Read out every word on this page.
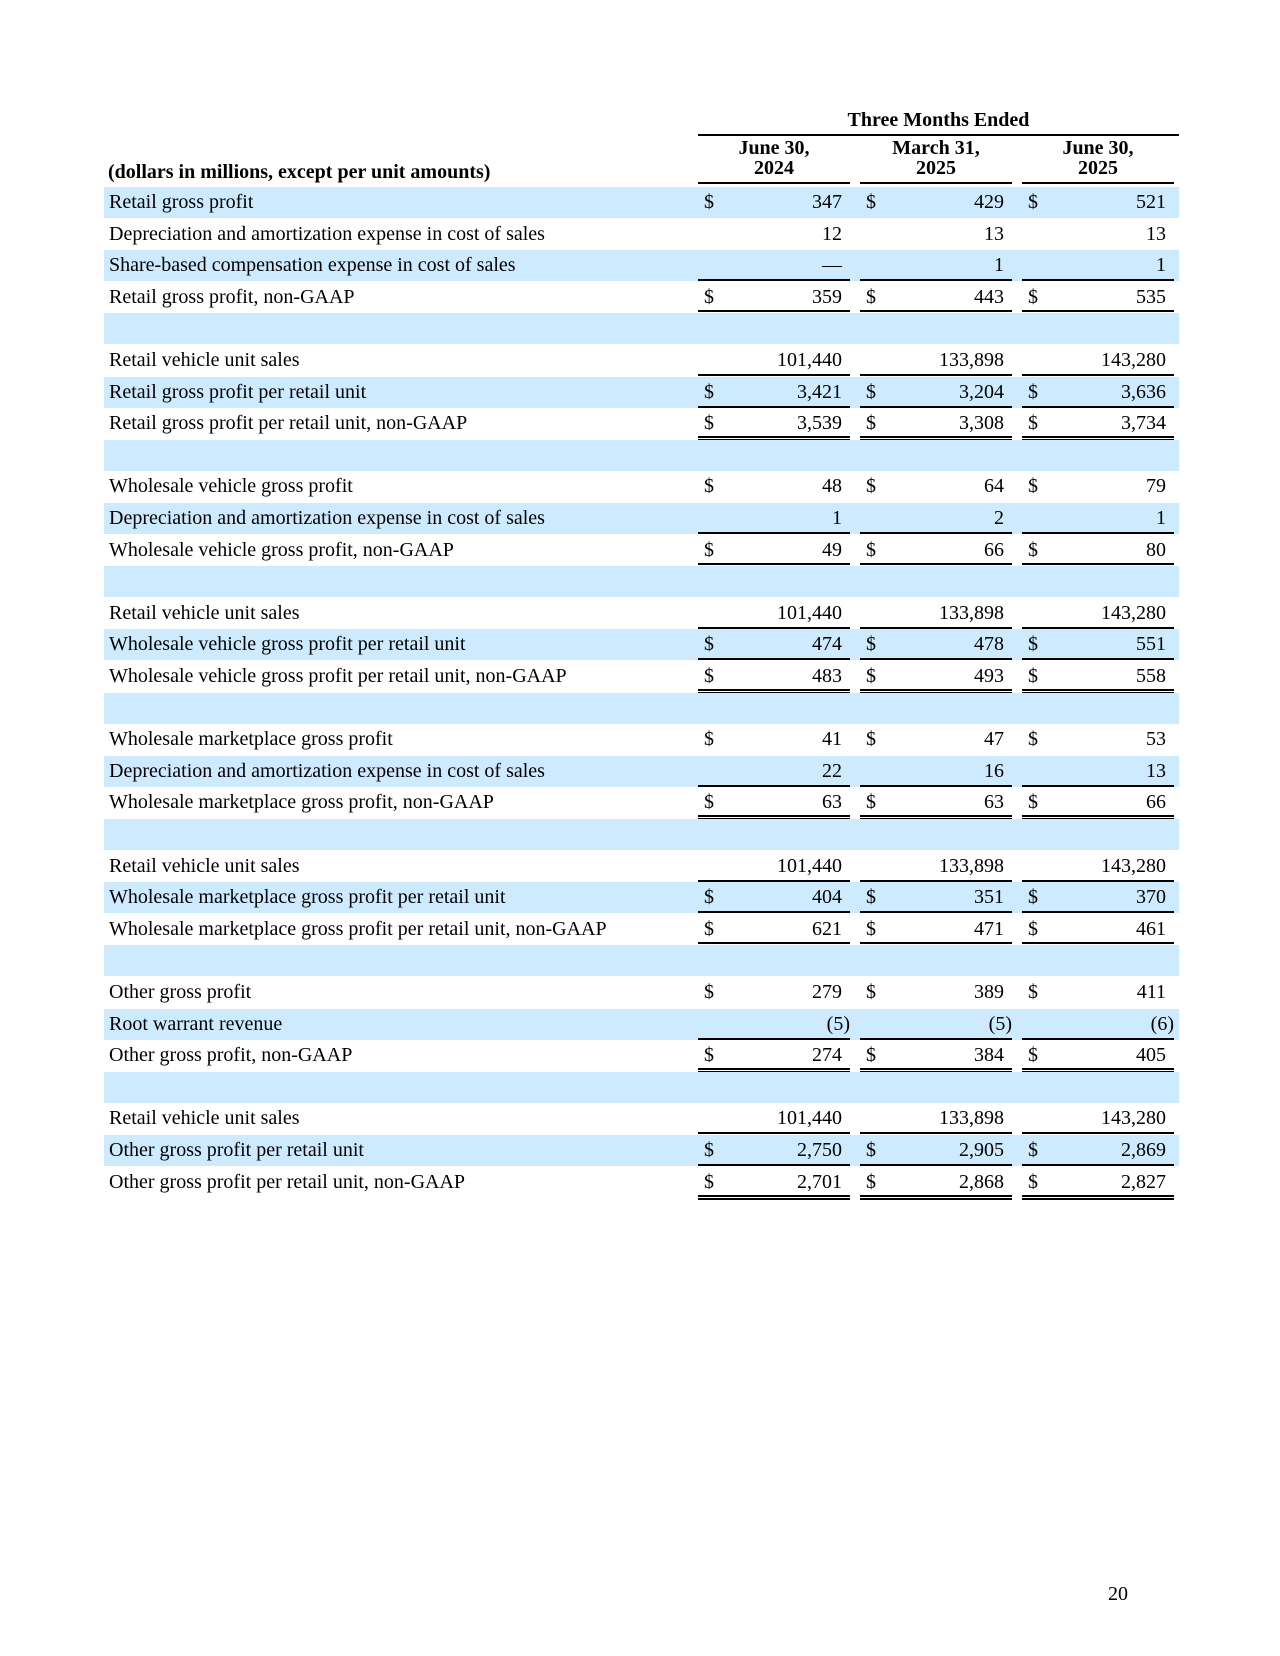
Three Months Ended
June 30,
2024
March 31,
2025
June 30,
2025
(dollars in millions, except per unit amounts)
Retail gross profit	$	347 $	429 $	521
Depreciation and amortization expense in cost of sales	12	13	13
Share-based compensation expense in cost of sales	—	1	1
Retail gross profit, non-GAAP	$	359 $	443 $	535
Retail vehicle unit sales	101,440	133,898	143,280
Retail gross profit per retail unit	$	3,421 $	3,204 $	3,636
Retail gross profit per retail unit, non-GAAP	$	3,539 $	3,308 $	3,734
Wholesale vehicle gross profit	$	48 $	64 $	79
Depreciation and amortization expense in cost of sales	1	2	1
Wholesale vehicle gross profit, non-GAAP	$	49 $	66 $	80
Retail vehicle unit sales	101,440	133,898	143,280
Wholesale vehicle gross profit per retail unit	$	474 $	478 $	551
Wholesale vehicle gross profit per retail unit, non-GAAP	$	483 $	493 $	558
Wholesale marketplace gross profit	$	41 $	47 $	53
Depreciation and amortization expense in cost of sales	22	16	13
Wholesale marketplace gross profit, non-GAAP	$	63 $	63 $	66
Retail vehicle unit sales	101,440	133,898	143,280
Wholesale marketplace gross profit per retail unit	$	404 $	351 $	370
Wholesale marketplace gross profit per retail unit, non-GAAP	$	621 $	471 $	461
Other gross profit	$	279 $	389 $	411
Root warrant revenue	(5)	(5)	(6)
Other gross profit, non-GAAP	$	274 $	384 $	405
Retail vehicle unit sales	101,440	133,898	143,280
Other gross profit per retail unit	$	2,750 $	2,905 $	2,869
Other gross profit per retail unit, non-GAAP	$	2,701 $	2,868 $	2,827
20
